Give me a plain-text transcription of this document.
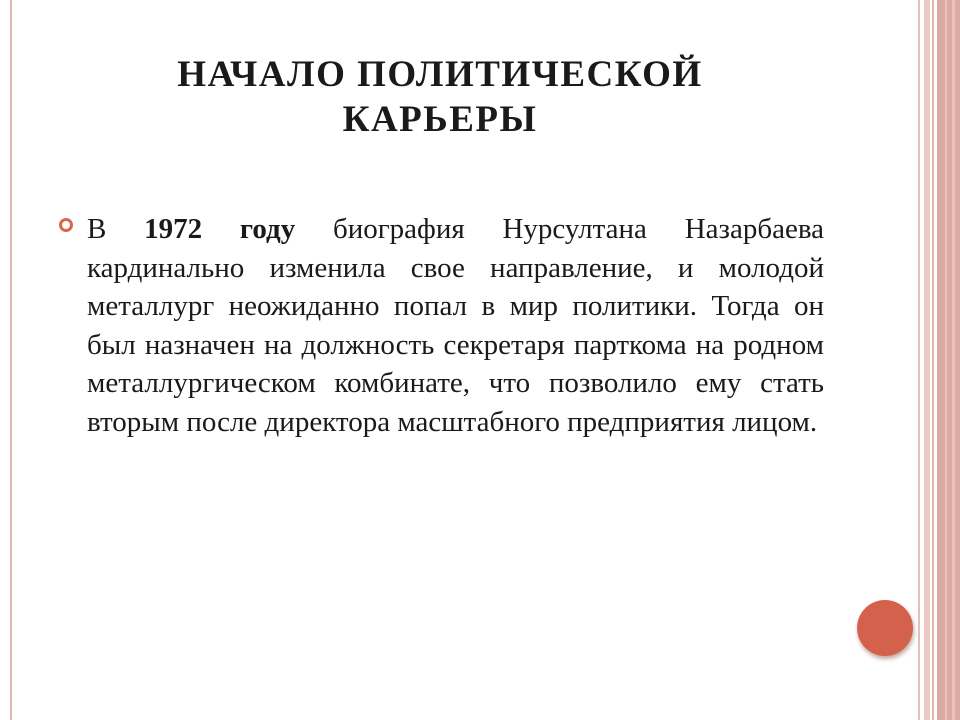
НАЧАЛО ПОЛИТИЧЕСКОЙ
КАРЬЕРЫ
В 1972 году биография Нурсултана Назарбаева кардинально изменила свое направление, и молодой металлург неожиданно попал в мир политики. Тогда он был назначен на должность секретаря парткома на родном металлургическом комбинате, что позволило ему стать вторым после директора масштабного предприятия лицом.
